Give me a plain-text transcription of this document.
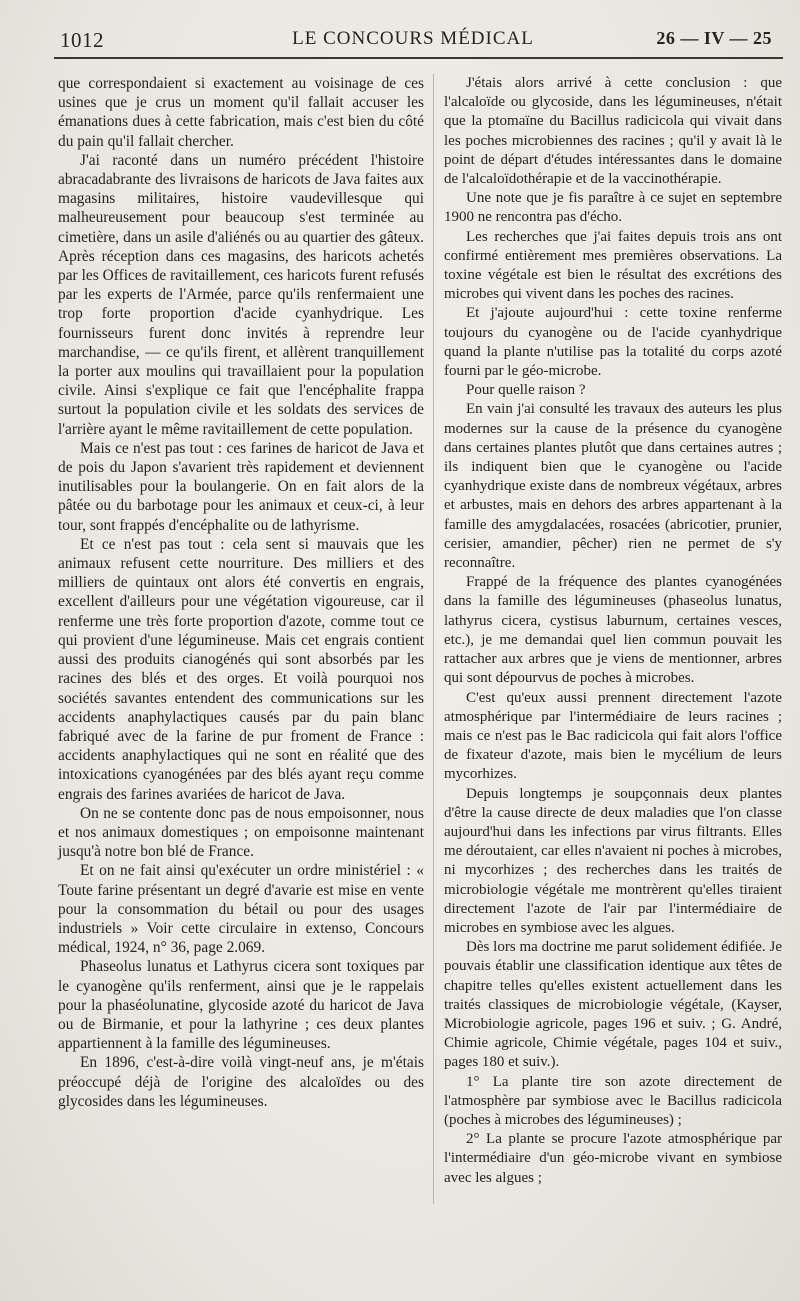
1012	LE CONCOURS MÉDICAL	26 — IV — 25

que correspondaient si exactement au voisinage de ces usines que je crus un moment qu'il fallait accuser les émanations dues à cette fabrication, mais c'est bien du côté du pain qu'il fallait chercher.

J'ai raconté dans un numéro précédent l'histoire abracadabrante des livraisons de haricots de Java faites aux magasins militaires, histoire vaudevillesque qui malheureusement pour beaucoup s'est terminée au cimetière, dans un asile d'aliénés ou au quartier des gâteux. Après réception dans ces magasins, des haricots achetés par les Offices de ravitaillement, ces haricots furent refusés par les experts de l'Armée, parce qu'ils renfermaient une trop forte proportion d'acide cyanhydrique. Les fournisseurs furent donc invités à reprendre leur marchandise, — ce qu'ils firent, et allèrent tranquillement la porter aux moulins qui travaillaient pour la population civile. Ainsi s'explique ce fait que l'encéphalite frappa surtout la population civile et les soldats des services de l'arrière ayant le même ravitaillement de cette population.

Mais ce n'est pas tout : ces farines de haricot de Java et de pois du Japon s'avarient très rapidement et deviennent inutilisables pour la boulangerie. On en fait alors de la pâtée ou du barbotage pour les animaux et ceux-ci, à leur tour, sont frappés d'encéphalite ou de lathyrisme.

Et ce n'est pas tout : cela sent si mauvais que les animaux refusent cette nourriture. Des milliers et des milliers de quintaux ont alors été convertis en engrais, excellent d'ailleurs pour une végétation vigoureuse, car il renferme une très forte proportion d'azote, comme tout ce qui provient d'une légumineuse. Mais cet engrais contient aussi des produits cianogénés qui sont absorbés par les racines des blés et des orges. Et voilà pourquoi nos sociétés savantes entendent des communications sur les accidents anaphylactiques causés par du pain blanc fabriqué avec de la farine de pur froment de France : accidents anaphylactiques qui ne sont en réalité que des intoxications cyanogénées par des blés ayant reçu comme engrais des farines avariées de haricot de Java.

On ne se contente donc pas de nous empoisonner, nous et nos animaux domestiques ; on empoisonne maintenant jusqu'à notre bon blé de France.

Et on ne fait ainsi qu'exécuter un ordre ministériel : « Toute farine présentant un degré d'avarie est mise en vente pour la consommation du bétail ou pour des usages industriels » Voir cette circulaire in extenso, Concours médical, 1924, n° 36, page 2.069.

Phaseolus lunatus et Lathyrus cicera sont toxiques par le cyanogène qu'ils renferment, ainsi que je le rappelais pour la phaséolunatine, glycoside azoté du haricot de Java ou de Birmanie, et pour la lathyrine ; ces deux plantes appartiennent à la famille des légumineuses.

En 1896, c'est-à-dire voilà vingt-neuf ans, je m'étais préoccupé déjà de l'origine des alcaloïdes ou des glycosides dans les légumineuses.

J'étais alors arrivé à cette conclusion : que l'alcaloïde ou glycoside, dans les légumineuses, n'était que la ptomaïne du Bacillus radicicola qui vivait dans les poches microbiennes des racines ; qu'il y avait là le point de départ d'études intéressantes dans le domaine de l'alcaloïdothérapie et de la vaccinothérapie.

Une note que je fis paraître à ce sujet en septembre 1900 ne rencontra pas d'écho.

Les recherches que j'ai faites depuis trois ans ont confirmé entièrement mes premières observations. La toxine végétale est bien le résultat des excrétions des microbes qui vivent dans les poches des racines.

Et j'ajoute aujourd'hui : cette toxine renferme toujours du cyanogène ou de l'acide cyanhydrique quand la plante n'utilise pas la totalité du corps azoté fourni par le géo-microbe.

Pour quelle raison ?

En vain j'ai consulté les travaux des auteurs les plus modernes sur la cause de la présence du cyanogène dans certaines plantes plutôt que dans certaines autres ; ils indiquent bien que le cyanogène ou l'acide cyanhydrique existe dans de nombreux végétaux, arbres et arbustes, mais en dehors des arbres appartenant à la famille des amygdalacées, rosacées (abricotier, prunier, cerisier, amandier, pêcher) rien ne permet de s'y reconnaître.

Frappé de la fréquence des plantes cyanogénées dans la famille des légumineuses (phaseolus lunatus, lathyrus cicera, cystisus laburnum, certaines vesces, etc.), je me demandai quel lien commun pouvait les rattacher aux arbres que je viens de mentionner, arbres qui sont dépourvus de poches à microbes.

C'est qu'eux aussi prennent directement l'azote atmosphérique par l'intermédiaire de leurs racines ; mais ce n'est pas le Bac radicicola qui fait alors l'office de fixateur d'azote, mais bien le mycélium de leurs mycorhizes.

Depuis longtemps je soupçonnais deux plantes d'être la cause directe de deux maladies que l'on classe aujourd'hui dans les infections par virus filtrants. Elles me déroutaient, car elles n'avaient ni poches à microbes, ni mycorhizes ; des recherches dans les traités de microbiologie végétale me montrèrent qu'elles tiraient directement l'azote de l'air par l'intermédiaire de microbes en symbiose avec les algues.

Dès lors ma doctrine me parut solidement édifiée. Je pouvais établir une classification identique aux têtes de chapitre telles qu'elles existent actuellement dans les traités classiques de microbiologie végétale, (Kayser, Microbiologie agricole, pages 196 et suiv. ; G. André, Chimie agricole, Chimie végétale, pages 104 et suiv., pages 180 et suiv.).

1° La plante tire son azote directement de l'atmosphère par symbiose avec le Bacillus radicicola (poches à microbes des légumineuses) ;

2° La plante se procure l'azote atmosphérique par l'intermédiaire d'un géo-microbe vivant en symbiose avec les algues ;
